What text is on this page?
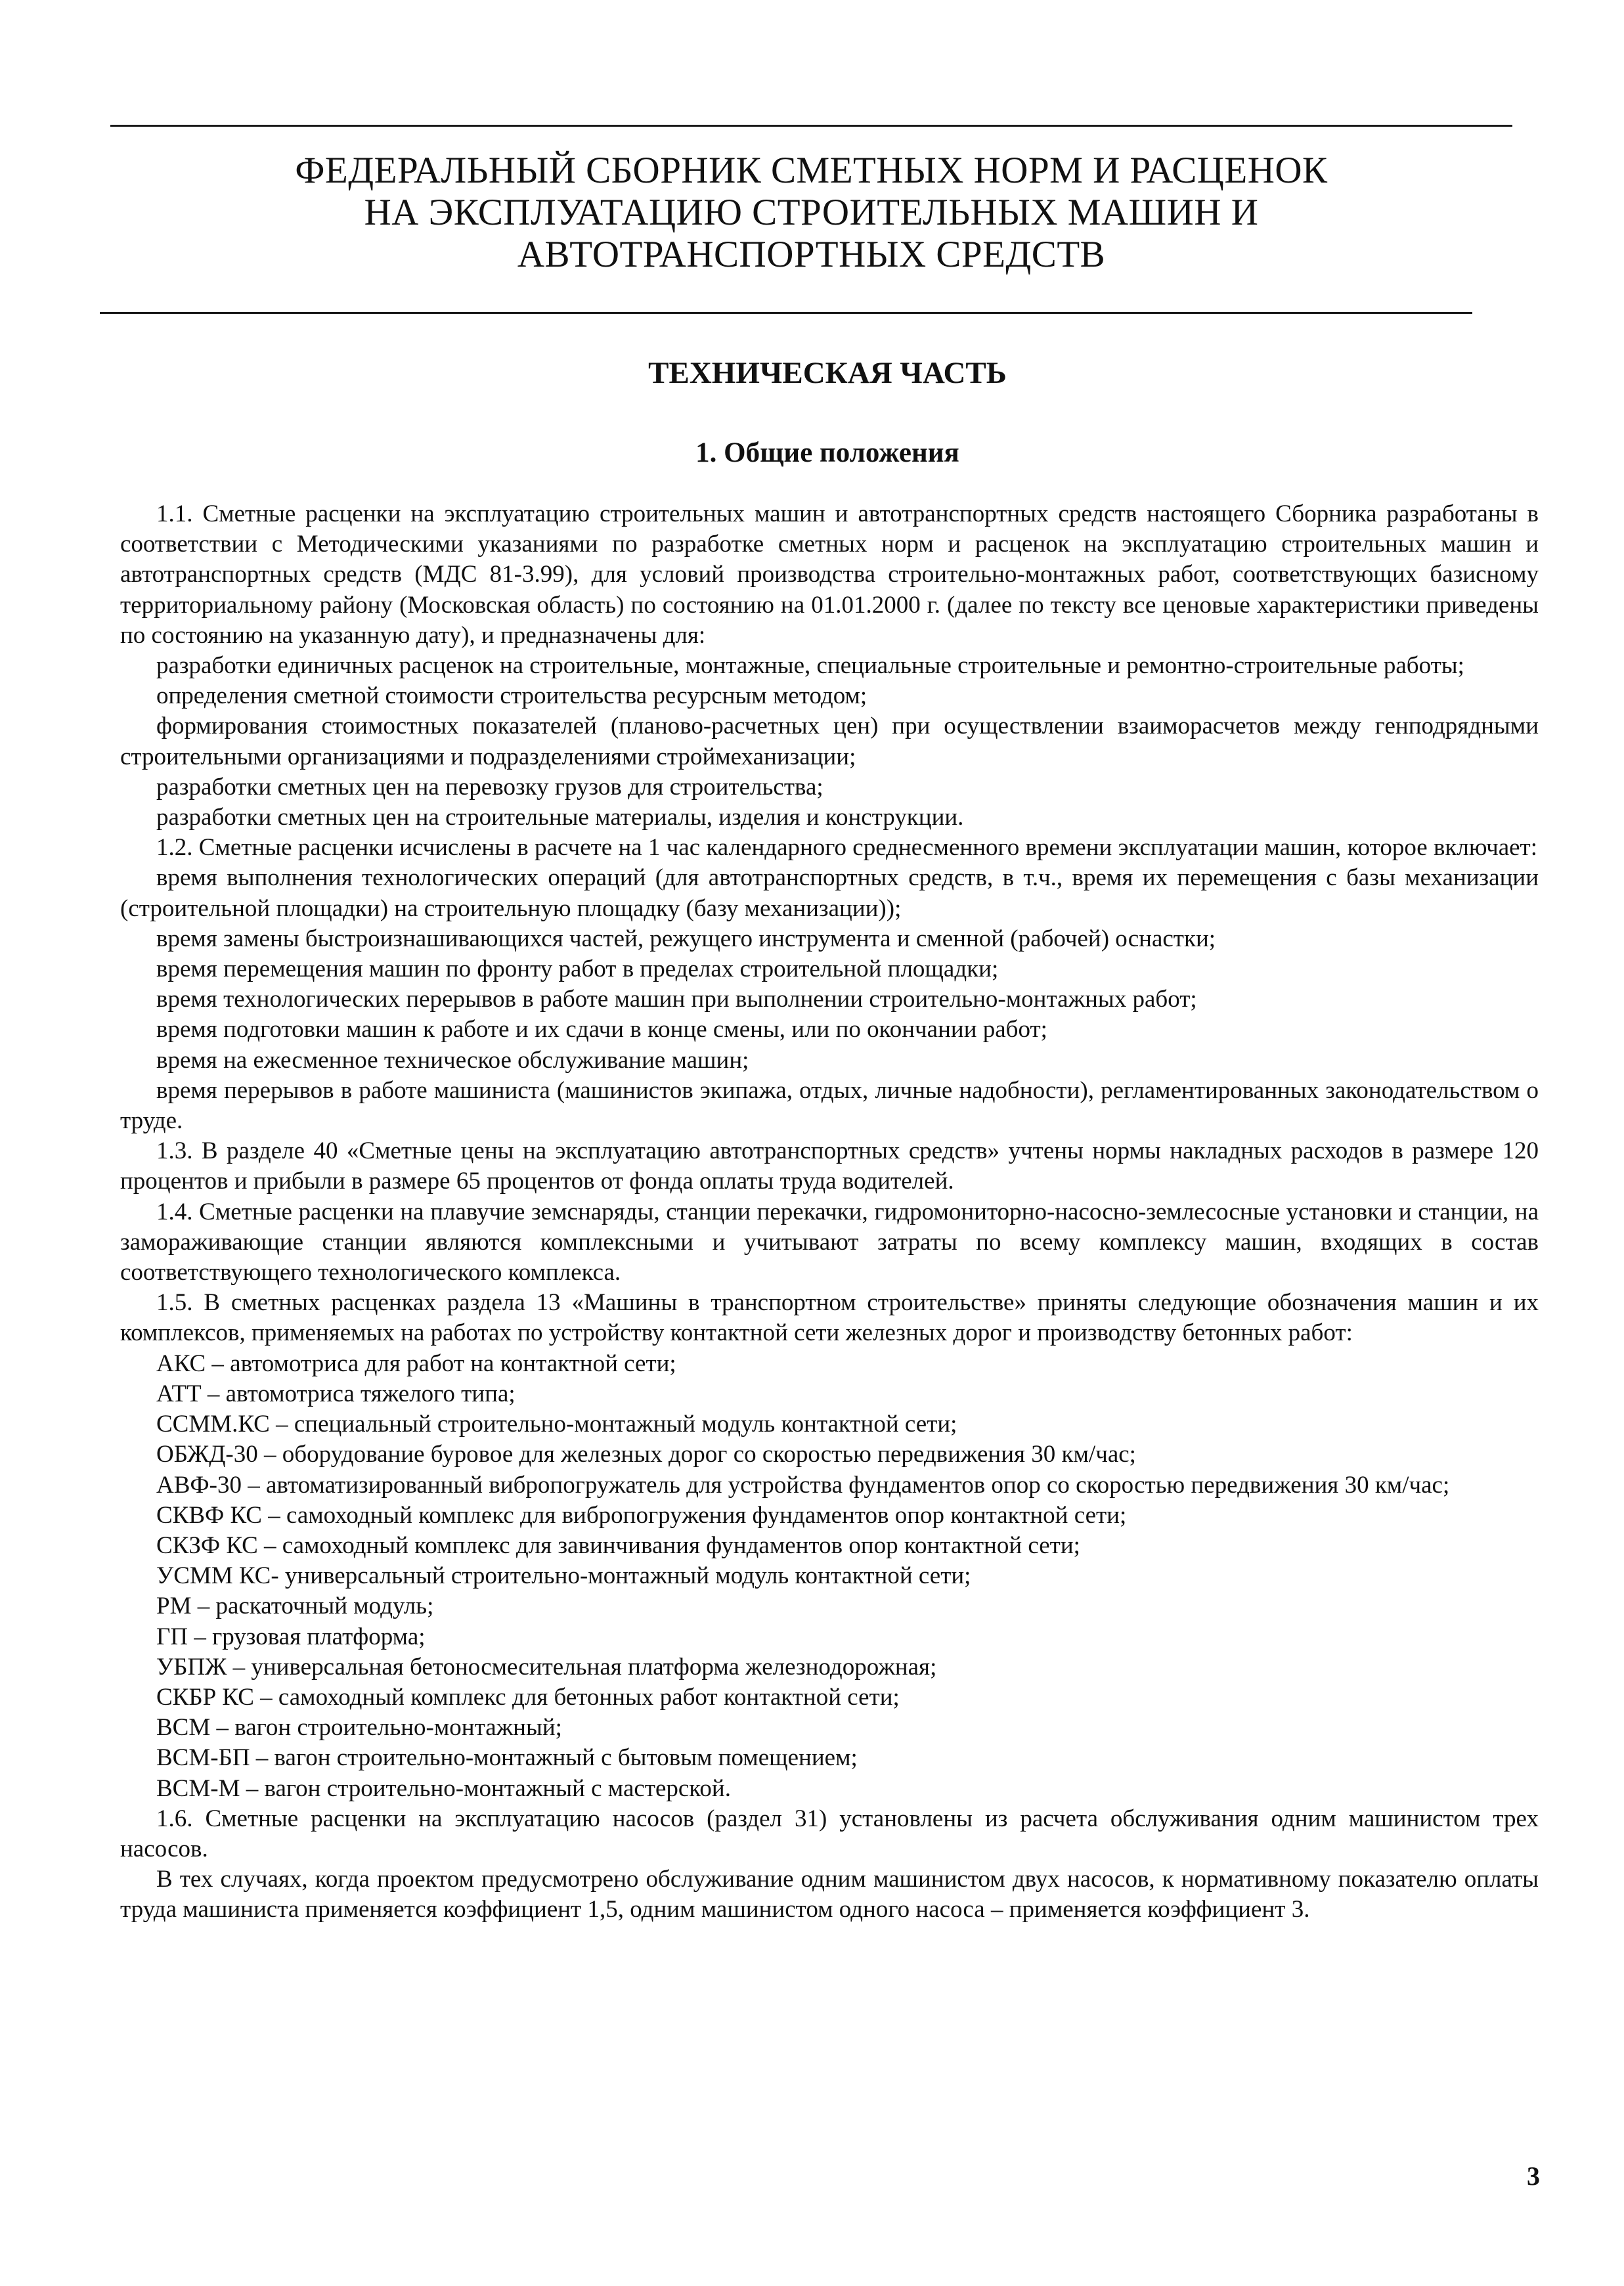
ФЕДЕРАЛЬНЫЙ СБОРНИК СМЕТНЫХ НОРМ И РАСЦЕНОК
НА ЭКСПЛУАТАЦИЮ СТРОИТЕЛЬНЫХ МАШИН И
АВТОТРАНСПОРТНЫХ СРЕДСТВ
ТЕХНИЧЕСКАЯ ЧАСТЬ
1. Общие положения

1.1. Сметные расценки на эксплуатацию строительных машин и автотранспортных средств настоящего Сборника разработаны в соответствии с Методическими указаниями по разработке сметных норм и расценок на эксплуатацию строительных машин и автотранспортных средств (МДС 81-3.99), для условий производства строительно-монтажных работ, соответствующих базисному территориальному району (Московская область) по состоянию на 01.01.2000 г. (далее по тексту все ценовые характеристики приведены по состоянию на указанную дату), и предназначены для:

разработки единичных расценок на строительные, монтажные, специальные строительные и ремонтно-строительные работы;

определения сметной стоимости строительства ресурсным методом;

формирования стоимостных показателей (планово-расчетных цен) при осуществлении взаиморасчетов между генподрядными строительными организациями и подразделениями строймеханизации;

разработки сметных цен на перевозку грузов для строительства;

разработки сметных цен на строительные материалы, изделия и конструкции.

1.2. Сметные расценки исчислены в расчете на 1 час календарного среднесменного времени эксплуатации машин, которое включает:

время выполнения технологических операций (для автотранспортных средств, в т.ч., время их перемещения с базы механизации (строительной площадки) на строительную площадку (базу механизации));

время замены быстроизнашивающихся частей, режущего инструмента и сменной (рабочей) оснастки;

время перемещения машин по фронту работ в пределах строительной площадки;

время технологических перерывов в работе машин при выполнении строительно-монтажных работ;

время подготовки машин к работе и их сдачи в конце смены, или по окончании работ;

время на ежесменное техническое обслуживание машин;

время перерывов в работе машиниста (машинистов экипажа, отдых, личные надобности), регламентированных законодательством о труде.

1.3. В разделе 40 «Сметные цены на эксплуатацию автотранспортных средств» учтены нормы накладных расходов в размере 120 процентов и прибыли в размере 65 процентов от фонда оплаты труда водителей.

1.4. Сметные расценки на плавучие земснаряды, станции перекачки, гидромониторно-насосно-землесосные установки и станции, на замораживающие станции являются комплексными и учитывают затраты по всему комплексу машин, входящих в состав соответствующего технологического комплекса.

1.5. В сметных расценках раздела 13 «Машины в транспортном строительстве» приняты следующие обозначения машин и их комплексов, применяемых на работах по устройству контактной сети железных дорог и производству бетонных работ:

АКС – автомотриса для работ на контактной сети;

АТТ – автомотриса тяжелого типа;

ССММ.КС – специальный строительно-монтажный модуль контактной сети;

ОБЖД-30 – оборудование буровое для железных дорог со скоростью передвижения 30 км/час;

АВФ-30 – автоматизированный вибропогружатель для устройства фундаментов опор со скоростью передвижения 30 км/час;

СКВФ КС – самоходный комплекс для вибропогружения фундаментов опор контактной сети;

СКЗФ КС – самоходный комплекс для завинчивания фундаментов опор контактной сети;

УСММ КС- универсальный строительно-монтажный модуль контактной сети;

РМ – раскаточный модуль;

ГП – грузовая платформа;

УБПЖ – универсальная бетоносмесительная платформа железнодорожная;

СКБР КС – самоходный комплекс для бетонных работ контактной сети;

ВСМ – вагон строительно-монтажный;

ВСМ-БП – вагон строительно-монтажный с бытовым помещением;

ВСМ-М – вагон строительно-монтажный с мастерской.

1.6. Сметные расценки на эксплуатацию насосов (раздел 31) установлены из расчета обслуживания одним машинистом трех насосов.

В тех случаях, когда проектом предусмотрено обслуживание одним машинистом двух насосов, к нормативному показателю оплаты труда машиниста применяется коэффициент 1,5, одним машинистом одного насоса – применяется коэффициент 3.

3
